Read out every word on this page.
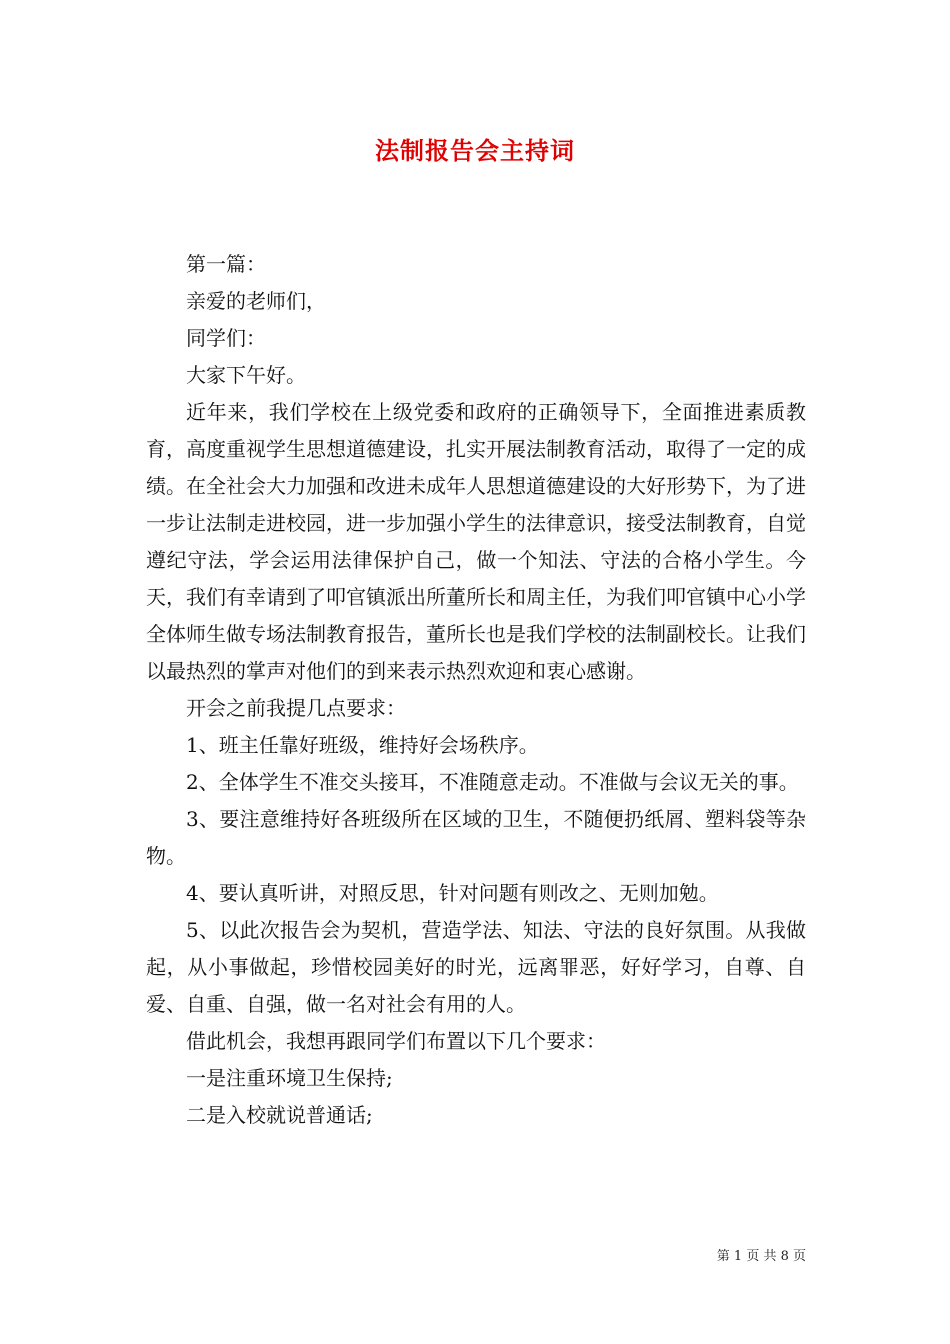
法制报告会主持词

第一篇：

亲爱的老师们，

同学们：

大家下午好。

近年来，我们学校在上级党委和政府的正确领导下，全面推进素质教育，高度重视学生思想道德建设，扎实开展法制教育活动，取得了一定的成绩。在全社会大力加强和改进未成年人思想道德建设的大好形势下，为了进一步让法制走进校园，进一步加强小学生的法律意识，接受法制教育，自觉遵纪守法，学会运用法律保护自己，做一个知法、守法的合格小学生。今天，我们有幸请到了叩官镇派出所董所长和周主任，为我们叩官镇中心小学全体师生做专场法制教育报告，董所长也是我们学校的法制副校长。让我们以最热烈的掌声对他们的到来表示热烈欢迎和衷心感谢。

开会之前我提几点要求：

1、班主任靠好班级，维持好会场秩序。

2、全体学生不准交头接耳，不准随意走动。不准做与会议无关的事。

3、要注意维持好各班级所在区域的卫生，不随便扔纸屑、塑料袋等杂物。

4、要认真听讲，对照反思，针对问题有则改之、无则加勉。

5、以此次报告会为契机，营造学法、知法、守法的良好氛围。从我做起，从小事做起，珍惜校园美好的时光，远离罪恶，好好学习，自尊、自爱、自重、自强，做一名对社会有用的人。

借此机会，我想再跟同学们布置以下几个要求：

一是注重环境卫生保持;

二是入校就说普通话;

第 1 页 共 8 页
